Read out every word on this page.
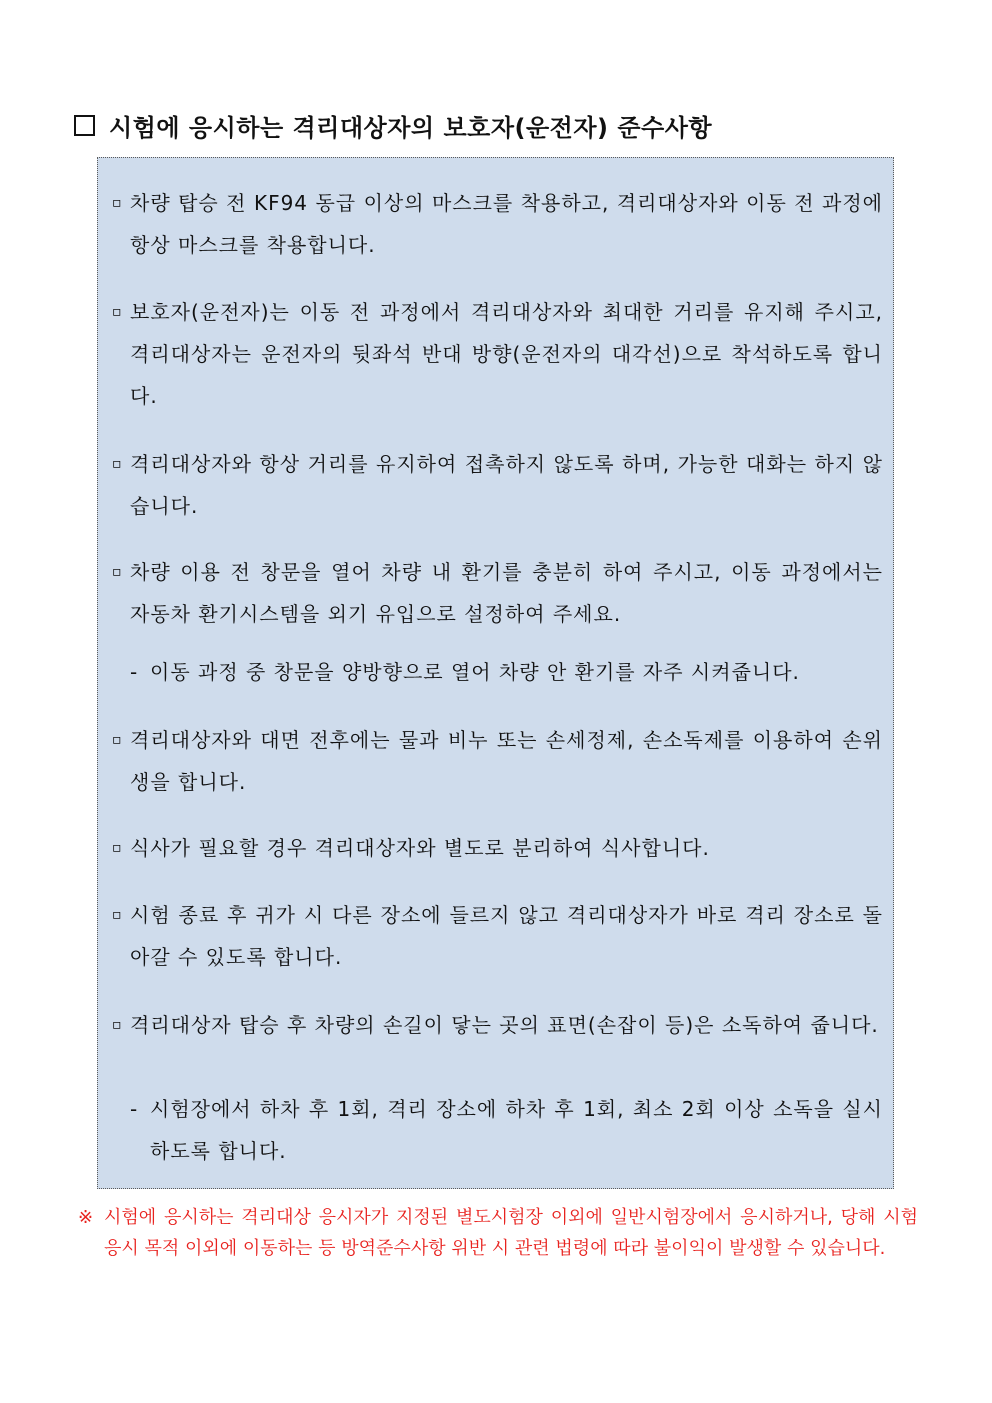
시험에 응시하는 격리대상자의 보호자(운전자) 준수사항
▫ 차량 탑승 전 KF94 동급 이상의 마스크를 착용하고, 격리대상자와 이동 전 과정에 항상 마스크를 착용합니다.
▫ 보호자(운전자)는 이동 전 과정에서 격리대상자와 최대한 거리를 유지해 주시고, 격리대상자는 운전자의 뒷좌석 반대 방향(운전자의 대각선)으로 착석하도록 합니다.
▫ 격리대상자와 항상 거리를 유지하여 접촉하지 않도록 하며, 가능한 대화는 하지 않습니다.
▫ 차량 이용 전 창문을 열어 차량 내 환기를 충분히 하여 주시고, 이동 과정에서는 자동차 환기시스템을 외기 유입으로 설정하여 주세요.
- 이동 과정 중 창문을 양방향으로 열어 차량 안 환기를 자주 시켜줍니다.
▫ 격리대상자와 대면 전후에는 물과 비누 또는 손세정제, 손소독제를 이용하여 손위생을 합니다.
▫ 식사가 필요할 경우 격리대상자와 별도로 분리하여 식사합니다.
▫ 시험 종료 후 귀가 시 다른 장소에 들르지 않고 격리대상자가 바로 격리 장소로 돌아갈 수 있도록 합니다.
▫ 격리대상자 탑승 후 차량의 손길이 닿는 곳의 표면(손잡이 등)은 소독하여 줍니다.
- 시험장에서 하차 후 1회, 격리 장소에 하차 후 1회, 최소 2회 이상 소독을 실시하도록 합니다.
※ 시험에 응시하는 격리대상 응시자가 지정된 별도시험장 이외에 일반시험장에서 응시하거나, 당해 시험 응시 목적 이외에 이동하는 등 방역준수사항 위반 시 관련 법령에 따라 불이익이 발생할 수 있습니다.
